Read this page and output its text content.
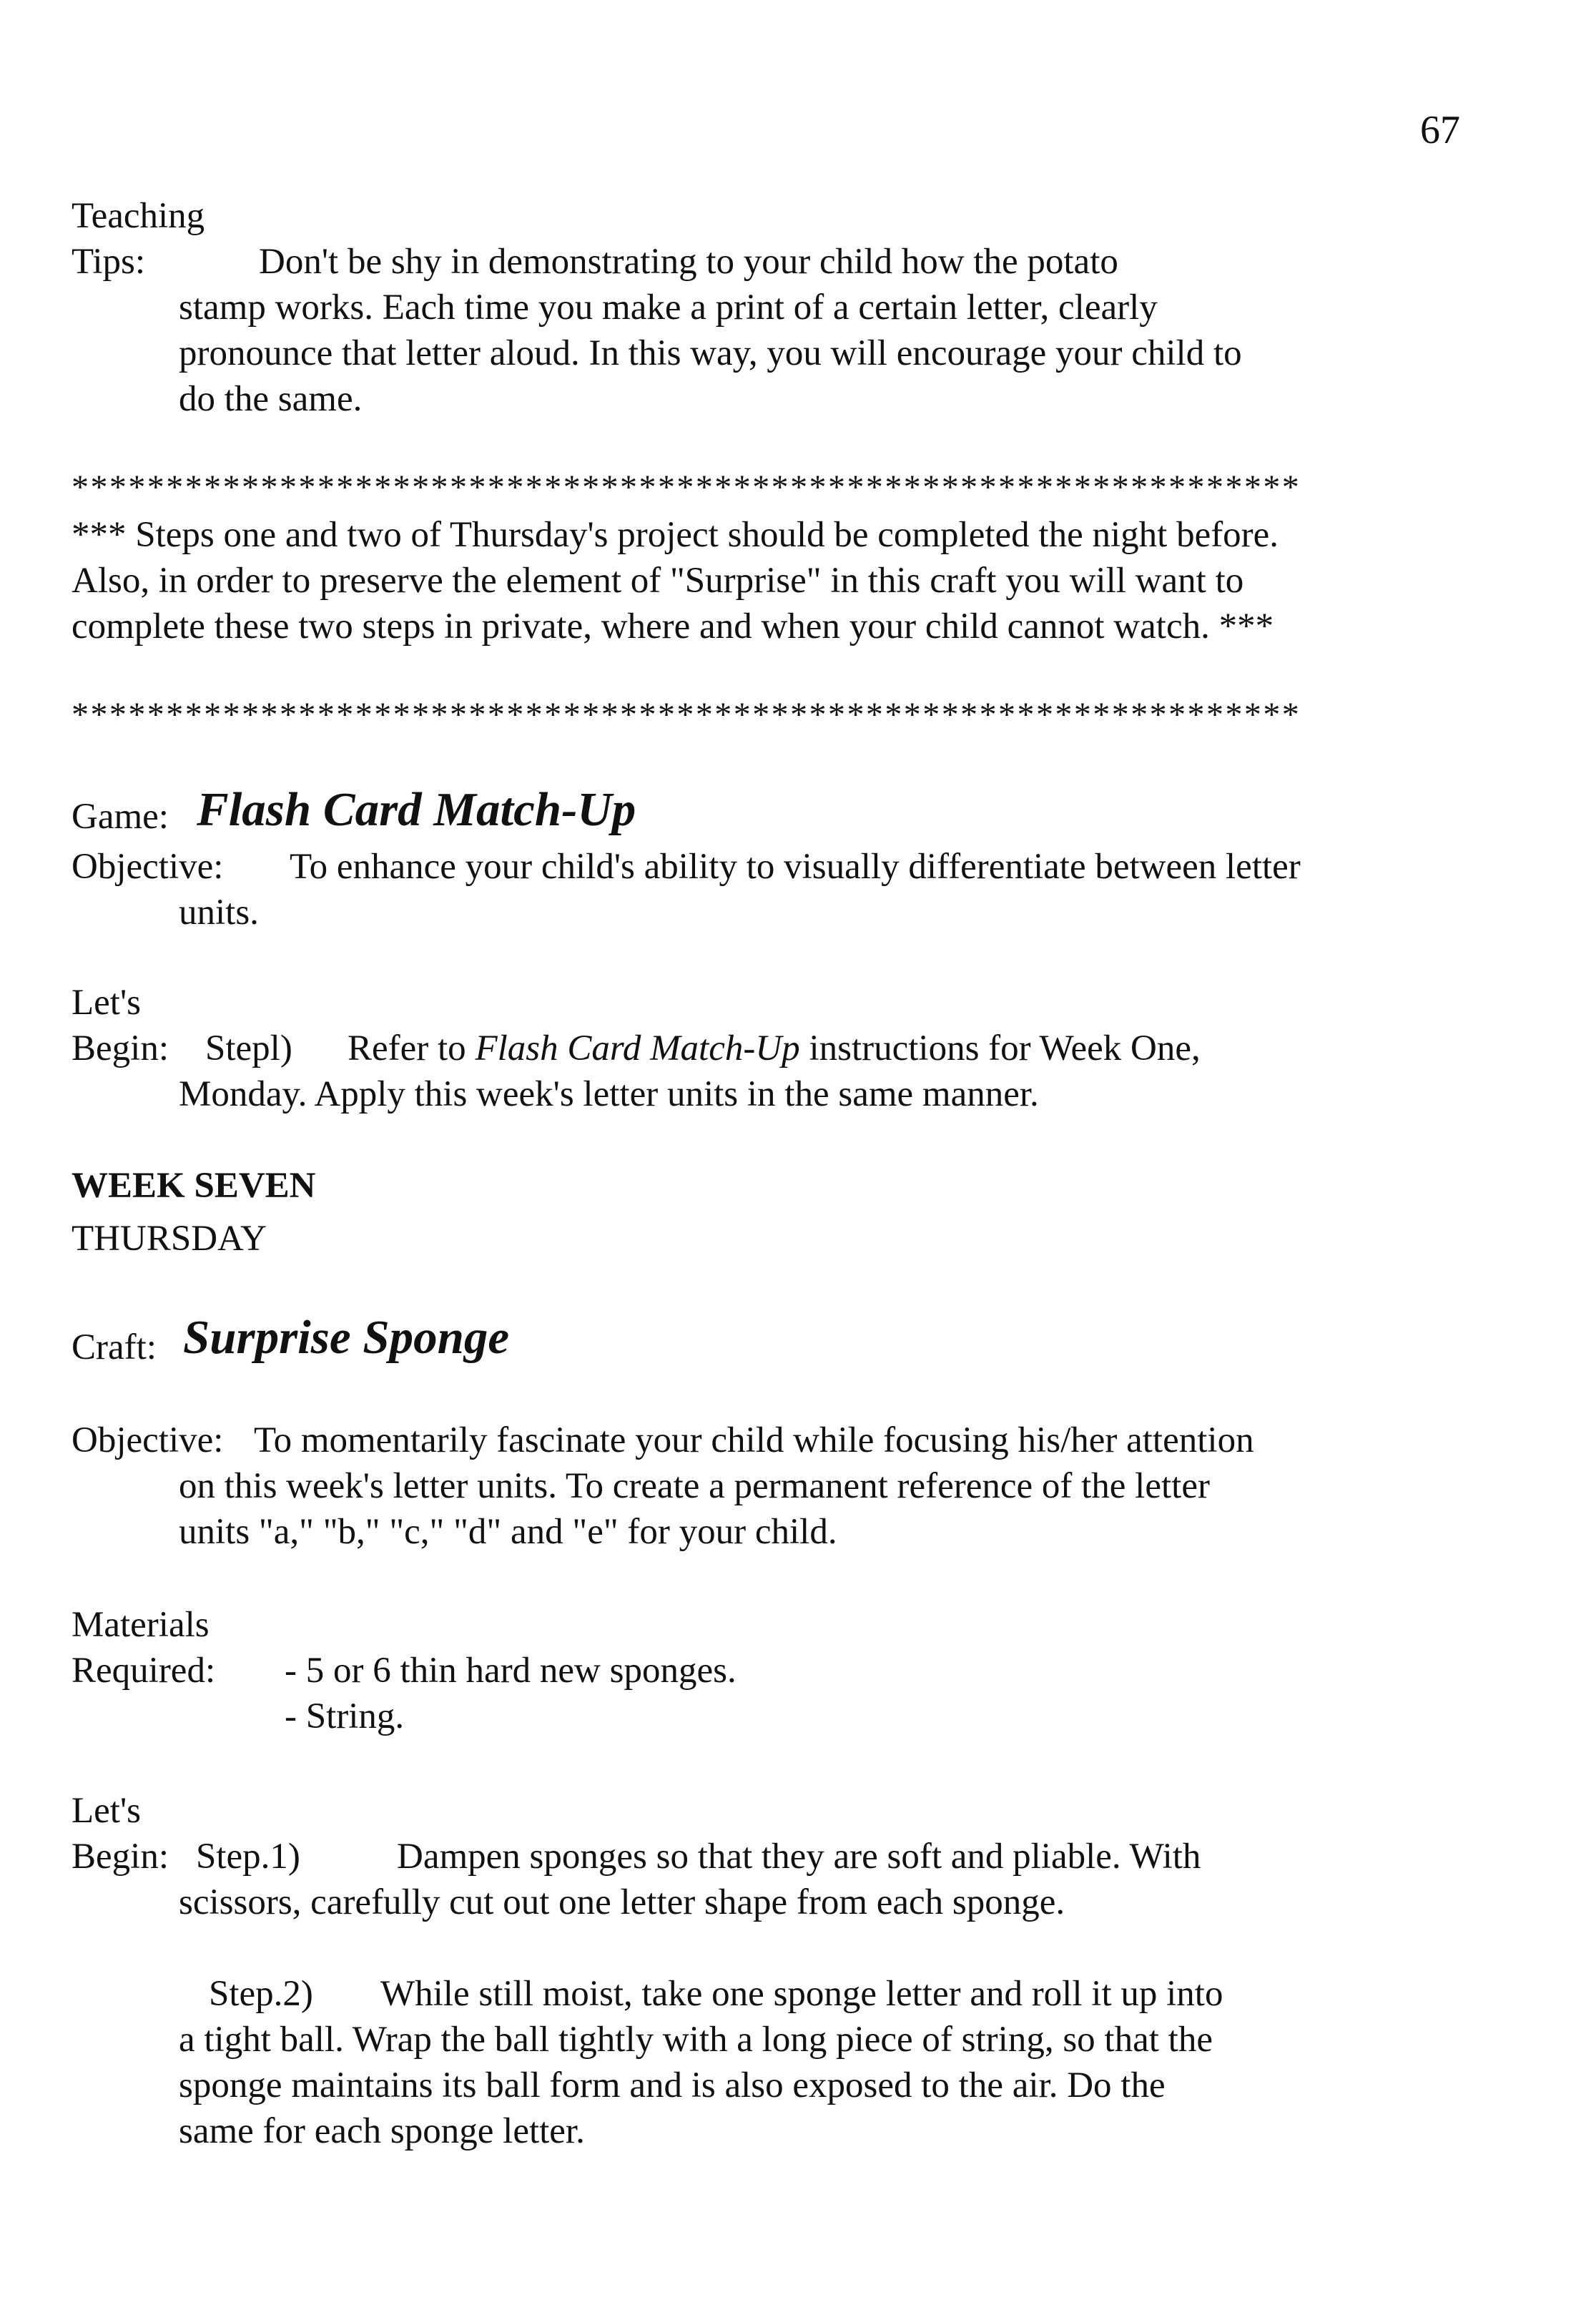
67
Teaching
Tips:	Don't be shy in demonstrating to your child how the potato
stamp works. Each time you make a print of a certain letter, clearly
pronounce that letter aloud. In this way, you will encourage your child to
do the same.
*****************************************************************
*** Steps one and two of Thursday's project should be completed the night before.
Also, in order to preserve the element of "Surprise" in this craft you will want to
complete these two steps in private, where and when your child cannot watch. ***
*****************************************************************
Game: Flash Card Match-Up
Objective: To enhance your child's ability to visually differentiate between letter
units.
Let's
Begin: Stepl) Refer to Flash Card Match-Up instructions for Week One,
Monday. Apply this week's letter units in the same manner.
WEEK SEVEN
THURSDAY
Craft: Surprise Sponge
Objective: To momentarily fascinate your child while focusing his/her attention
on this week's letter units. To create a permanent reference of the letter
units "a," "b," "c," "d" and "e" for your child.
Materials
Required: - 5 or 6 thin hard new sponges.
- String.
Let's
Begin: Step.1)	Dampen sponges so that they are soft and pliable. With
scissors, carefully cut out one letter shape from each sponge.
Step.2) While still moist, take one sponge letter and roll it up into
a tight ball. Wrap the ball tightly with a long piece of string, so that the
sponge maintains its ball form and is also exposed to the air. Do the
same for each sponge letter.
